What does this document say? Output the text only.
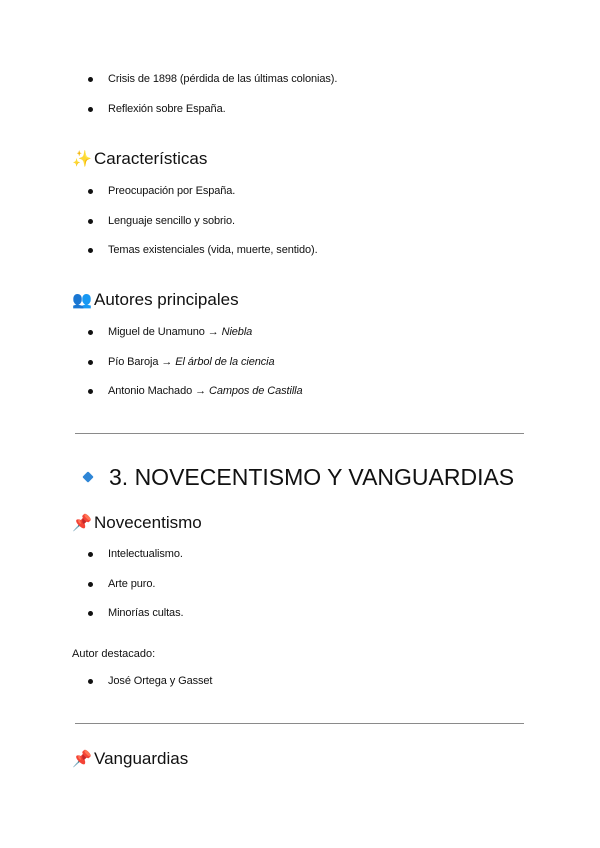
Crisis de 1898 (pérdida de las últimas colonias).
Reflexión sobre España.
✨ Características
Preocupación por España.
Lenguaje sencillo y sobrio.
Temas existenciales (vida, muerte, sentido).
👥 Autores principales
Miguel de Unamuno → Niebla
Pío Baroja → El árbol de la ciencia
Antonio Machado → Campos de Castilla
3. NOVECENTISMO Y VANGUARDIAS
📌 Novecentismo
Intelectualismo.
Arte puro.
Minorías cultas.
Autor destacado:
José Ortega y Gasset
📌 Vanguardias
